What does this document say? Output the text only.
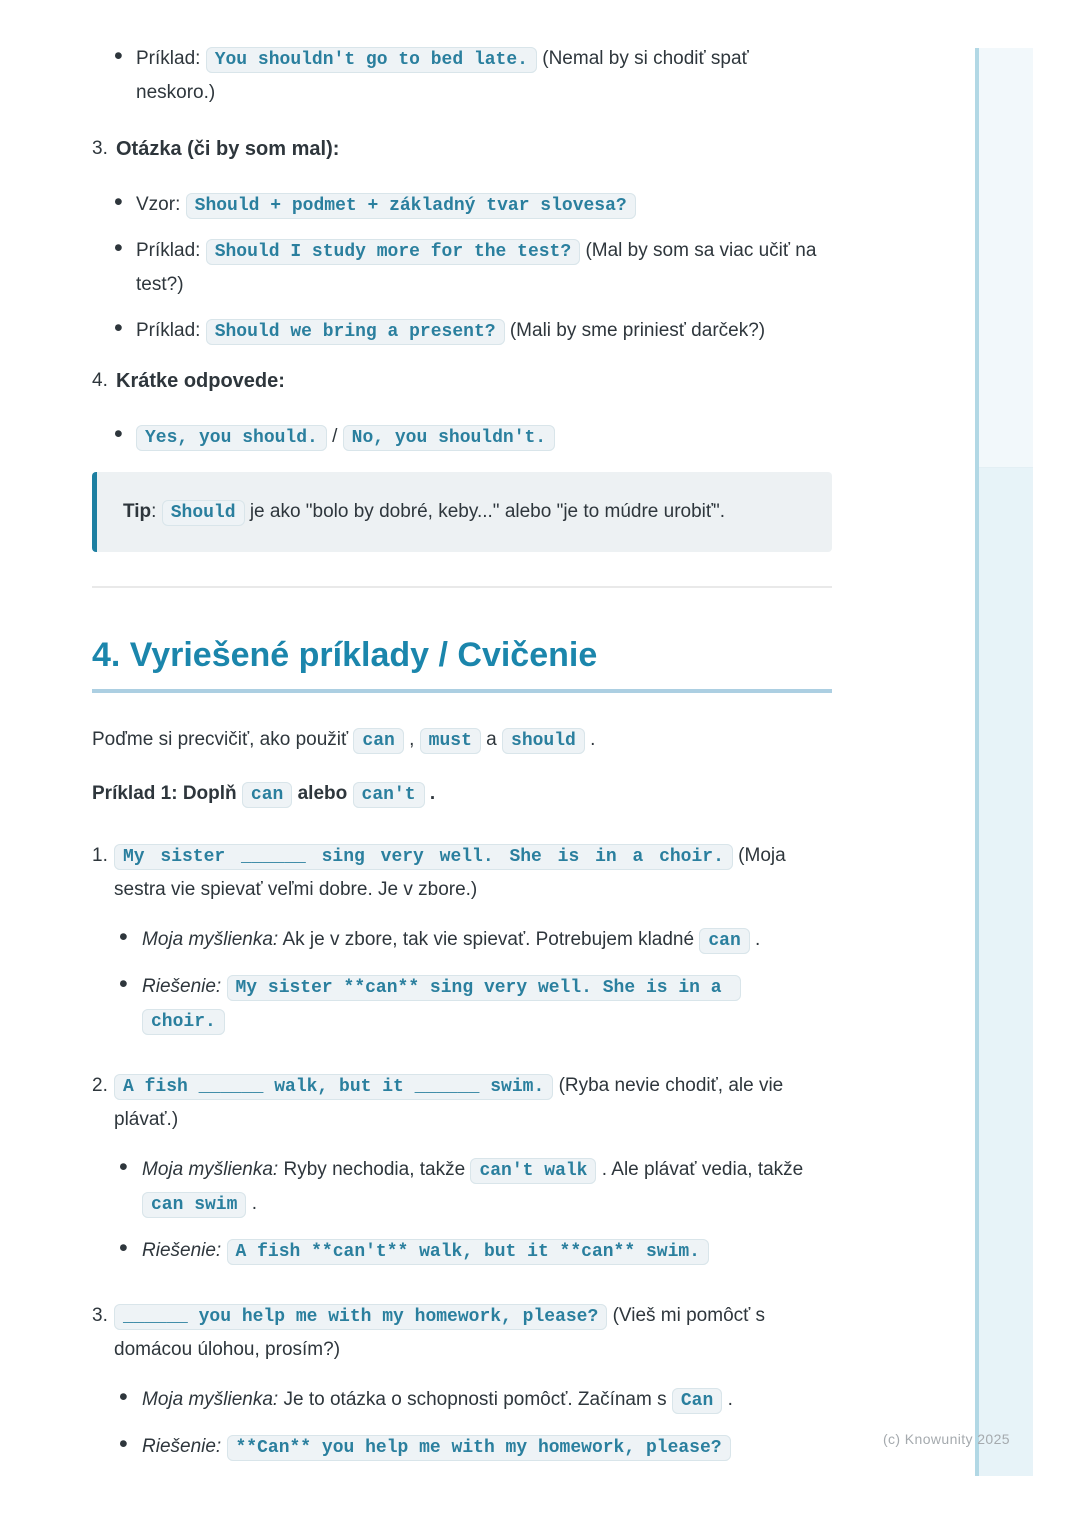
(c) Knowunity 2025
• Príklad: You shouldn't go to bed late. (Nemal by si chodiť spať neskoro.)
3. Otázka (či by som mal):
• Vzor: Should + podmet + základný tvar slovesa?
• Príklad: Should I study more for the test? (Mal by som sa viac učiť na test?)
• Príklad: Should we bring a present? (Mali by sme priniesť darček?)
4. Krátke odpovede:
• Yes, you should. / No, you shouldn't.
Tip: Should je ako "bolo by dobré, keby..." alebo "je to múdre urobiť".
4. Vyriešené príklady / Cvičenie

Poďme si precvičiť, ako použiť can , must a should .

Príklad 1: Doplň can alebo can't .

1. My sister ______ sing very well. She is in a choir. (Moja sestra vie spievať veľmi dobre. Je v zbore.)

• Moja myšlienka: Ak je v zbore, tak vie spievať. Potrebujem kladné can .
• Riešenie: My sister **can** sing very well. She is in a choir.
2. A fish ______ walk, but it ______ swim. (Ryba nevie chodiť, ale vie plávať.)

• Moja myšlienka: Ryby nechodia, takže can't walk . Ale plávať vedia, takže can swim .
• Riešenie: A fish **can't** walk, but it **can** swim.
3. ______ you help me with my homework, please? (Vieš mi pomôcť s domácou úlohou, prosím?)

• Moja myšlienka: Je to otázka o schopnosti pomôcť. Začínam s Can .
• Riešenie: **Can** you help me with my homework, please?
